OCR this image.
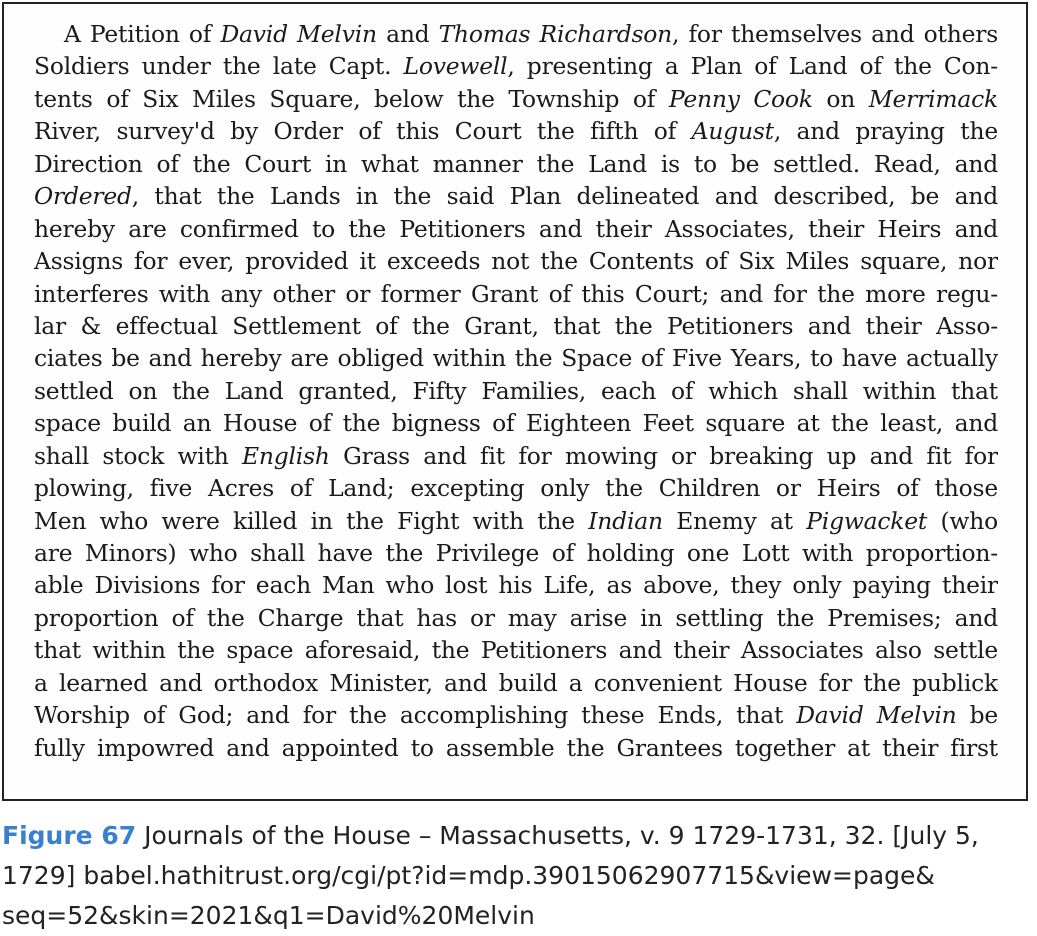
A Petition of David Melvin and Thomas Richardson, for themselves and others
Soldiers under the late Capt. Lovewell, presenting a Plan of Land of the Con-
tents of Six Miles Square, below the Township of Penny Cook on Merrimack
River, survey'd by Order of this Court the fifth of August, and praying the
Direction of the Court in what manner the Land is to be settled. Read, and
Ordered, that the Lands in the said Plan delineated and described, be and
hereby are confirmed to the Petitioners and their Associates, their Heirs and
Assigns for ever, provided it exceeds not the Contents of Six Miles square, nor
interferes with any other or former Grant of this Court; and for the more regu-
lar & effectual Settlement of the Grant, that the Petitioners and their Asso-
ciates be and hereby are obliged within the Space of Five Years, to have actually
settled on the Land granted, Fifty Families, each of which shall within that
space build an House of the bigness of Eighteen Feet square at the least, and
shall stock with English Grass and fit for mowing or breaking up and fit for
plowing, five Acres of Land; excepting only the Children or Heirs of those
Men who were killed in the Fight with the Indian Enemy at Pigwacket (who
are Minors) who shall have the Privilege of holding one Lott with proportion-
able Divisions for each Man who lost his Life, as above, they only paying their
proportion of the Charge that has or may arise in settling the Premises; and
that within the space aforesaid, the Petitioners and their Associates also settle
a learned and orthodox Minister, and build a convenient House for the publick
Worship of God; and for the accomplishing these Ends, that David Melvin be
fully impowred and appointed to assemble the Grantees together at their first
Figure 67 Journals of the House – Massachusetts, v. 9 1729-1731, 32. [July 5, 1729] babel.hathitrust.org/cgi/pt?id=mdp.39015062907715&view=page& seq=52&skin=2021&q1=David%20Melvin
